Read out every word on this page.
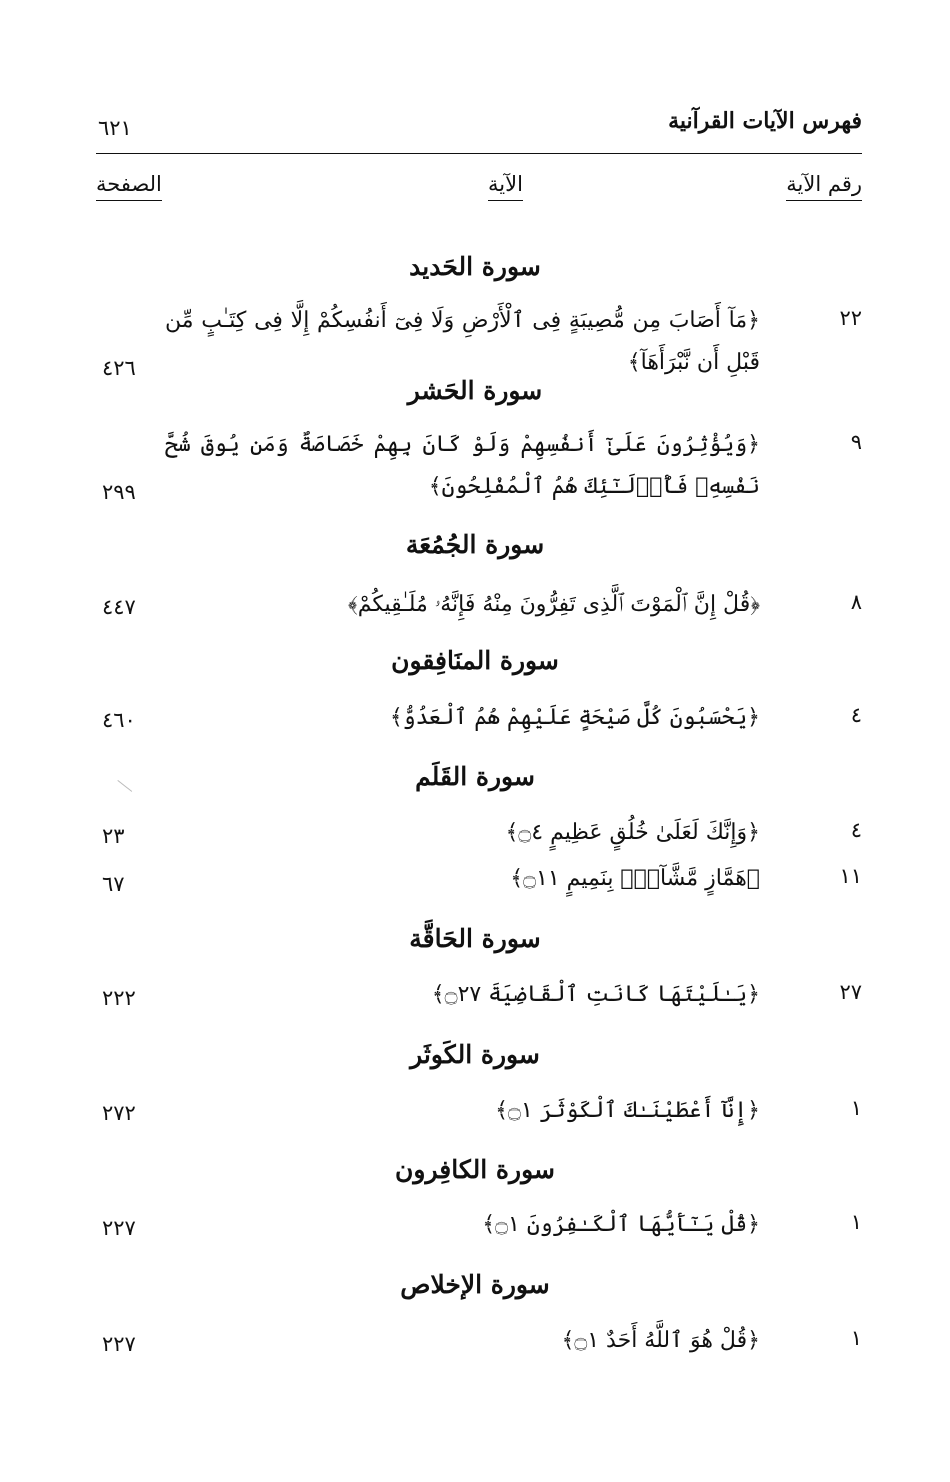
فهرس الآيات القرآنية
٦٢١
رقم الآية
الآية
الصفحة
سورة الحَديد
٢٢
﴿مَآ أَصَابَ مِن مُّصِيبَةٍ فِى ٱلْأَرْضِ وَلَا فِىٓ أَنفُسِكُمْ إِلَّا فِى كِتَـٰبٍ مِّن قَبْلِ أَن نَّبْرَأَهَآ﴾
٤٢٦
سورة الحَشر
٩
﴿وَيُؤْثِرُونَ عَلَىٰٓ أَنفُسِهِمْ وَلَوْ كَانَ بِهِمْ خَصَاصَةٌ وَمَن يُوقَ شُحَّ نَفْسِهِۦ فَأُو۟لَـٰٓئِكَ هُمُ ٱلْمُفْلِحُونَ﴾
٢٩٩
سورة الجُمُعَة
٨
﴿قُلْ إِنَّ ٱلْمَوْتَ ٱلَّذِى تَفِرُّونَ مِنْهُ فَإِنَّهُۥ مُلَـٰقِيكُمْ﴾
٤٤٧
سورة المنَافِقون
٤
﴿يَحْسَبُونَ كُلَّ صَيْحَةٍ عَلَيْهِمْ هُمُ ٱلْعَدُوُّ﴾
٤٦٠
سورة القَلَم
٤
﴿وَإِنَّكَ لَعَلَىٰ خُلُقٍ عَظِيمٍ ۝٤﴾
٢٣
١١
﴿هَمَّازٍ مَّشَّآءٍۭ بِنَمِيمٍ ۝١١﴾
٦٧
سورة الحَاقَّة
٢٧
﴿يَـٰلَيْتَهَا كَانَتِ ٱلْقَاضِيَةَ ۝٢٧﴾
٢٢٢
سورة الكَوثَر
١
﴿إِنَّآ أَعْطَيْنَـٰكَ ٱلْكَوْثَرَ ۝١﴾
٢٧٢
سورة الكافِرون
١
﴿قُلْ يَـٰٓأَيُّهَا ٱلْكَـٰفِرُونَ ۝١﴾
٢٢٧
سورة الإخلاص
١
﴿قُلْ هُوَ ٱللَّهُ أَحَدٌ ۝١﴾
٢٢٧
